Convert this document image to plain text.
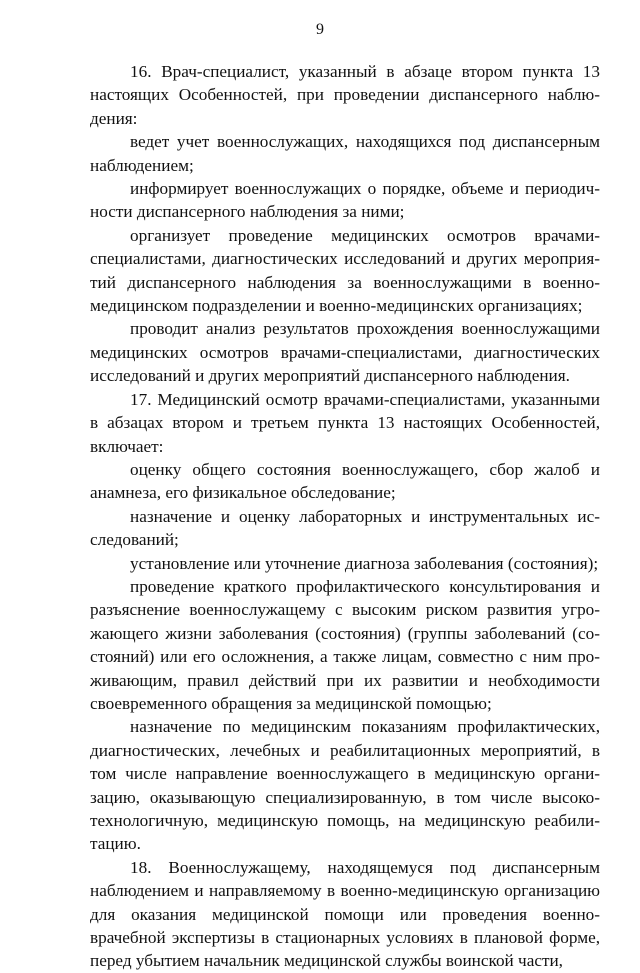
9

16. Врач-специалист, указанный в абзаце втором пункта 13 настоящих Особенностей, при проведении диспансерного наблюдения:

ведет учет военнослужащих, находящихся под диспансерным наблюдением;

информирует военнослужащих о порядке, объеме и периодичности диспансерного наблюдения за ними;

организует проведение медицинских осмотров врачами-специалистами, диагностических исследований и других мероприятий диспансерного наблюдения за военнослужащими в военно-медицинском подразделении и военно-медицинских организациях;

проводит анализ результатов прохождения военнослужащими медицинских осмотров врачами-специалистами, диагностических исследований и других мероприятий диспансерного наблюдения.

17. Медицинский осмотр врачами-специалистами, указанными в абзацах втором и третьем пункта 13 настоящих Особенностей, включает:

оценку общего состояния военнослужащего, сбор жалоб и анамнеза, его физикальное обследование;

назначение и оценку лабораторных и инструментальных исследований;

установление или уточнение диагноза заболевания (состояния);

проведение краткого профилактического консультирования и разъяснение военнослужащему с высоким риском развития угрожающего жизни заболевания (состояния) (группы заболеваний (состояний) или его осложнения, а также лицам, совместно с ним проживающим, правил действий при их развитии и необходимости своевременного обращения за медицинской помощью;

назначение по медицинским показаниям профилактических, диагностических, лечебных и реабилитационных мероприятий, в том числе направление военнослужащего в медицинскую организацию, оказывающую специализированную, в том числе высокотехнологичную, медицинскую помощь, на медицинскую реабилитацию.

18. Военнослужащему, находящемуся под диспансерным наблюдением и направляемому в военно-медицинскую организацию для оказания медицинской помощи или проведения военно-врачебной экспертизы в стационарных условиях в плановой форме, перед убытием начальник медицинской службы воинской части,
